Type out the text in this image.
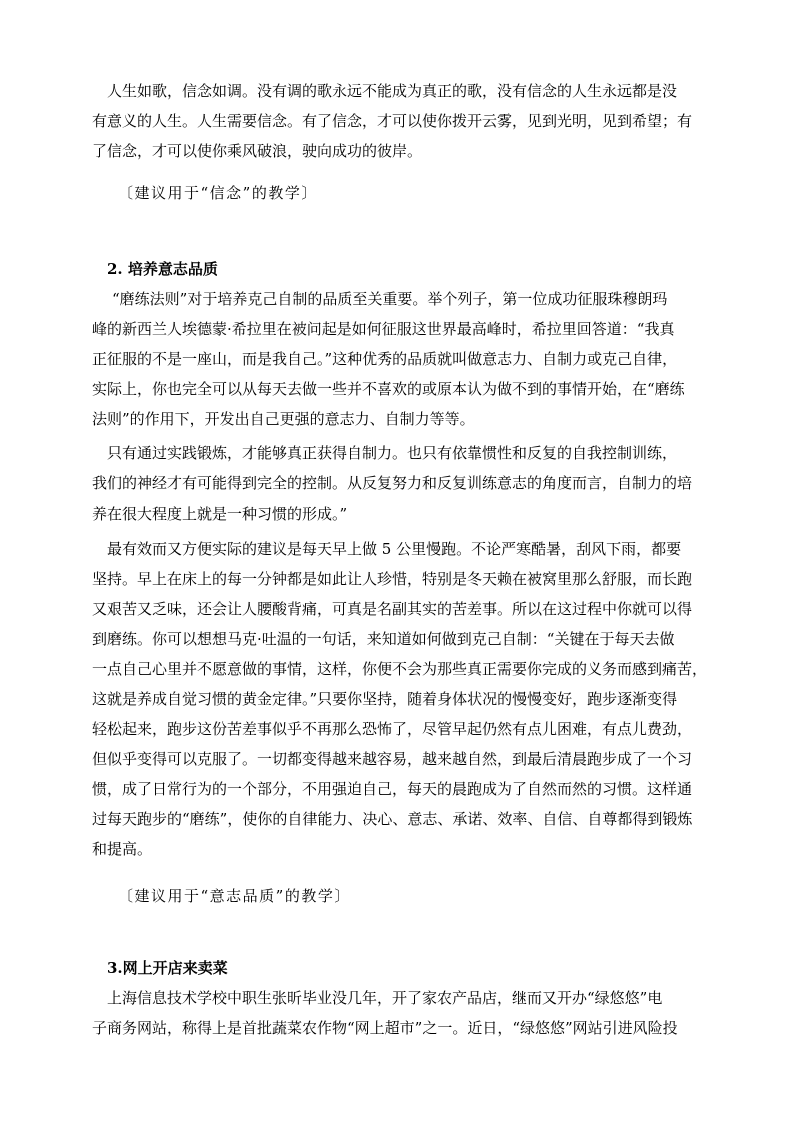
人生如歌，信念如调。没有调的歌永远不能成为真正的歌，没有信念的人生永远都是没
有意义的人生。人生需要信念。有了信念，才可以使你拨开云雾，见到光明，见到希望；有
了信念，才可以使你乘风破浪，驶向成功的彼岸。
〔建议用于“信念”的教学〕
2. 培养意志品质
“磨练法则”对于培养克己自制的品质至关重要。举个列子，第一位成功征服珠穆朗玛
峰的新西兰人埃德蒙·希拉里在被问起是如何征服这世界最高峰时，希拉里回答道：“我真
正征服的不是一座山，而是我自己。”这种优秀的品质就叫做意志力、自制力或克己自律，
实际上，你也完全可以从每天去做一些并不喜欢的或原本认为做不到的事情开始，在“磨练
法则”的作用下，开发出自己更强的意志力、自制力等等。
只有通过实践锻炼，才能够真正获得自制力。也只有依靠惯性和反复的自我控制训练，
我们的神经才有可能得到完全的控制。从反复努力和反复训练意志的角度而言，自制力的培
养在很大程度上就是一种习惯的形成。”
最有效而又方便实际的建议是每天早上做 5 公里慢跑。不论严寒酷暑，刮风下雨，都要
坚持。早上在床上的每一分钟都是如此让人珍惜，特别是冬天赖在被窝里那么舒服，而长跑
又艰苦又乏味，还会让人腰酸背痛，可真是名副其实的苦差事。所以在这过程中你就可以得
到磨练。你可以想想马克·吐温的一句话，来知道如何做到克己自制：“关键在于每天去做
一点自己心里并不愿意做的事情，这样，你便不会为那些真正需要你完成的义务而感到痛苦，
这就是养成自觉习惯的黄金定律。”只要你坚持，随着身体状况的慢慢变好，跑步逐渐变得
轻松起来，跑步这份苦差事似乎不再那么恐怖了，尽管早起仍然有点儿困难，有点儿费劲，
但似乎变得可以克服了。一切都变得越来越容易，越来越自然，到最后清晨跑步成了一个习
惯，成了日常行为的一个部分，不用强迫自己，每天的晨跑成为了自然而然的习惯。这样通
过每天跑步的“磨练”，使你的自律能力、决心、意志、承诺、效率、自信、自尊都得到锻炼
和提高。
〔建议用于“意志品质”的教学〕
3.网上开店来卖菜
上海信息技术学校中职生张昕毕业没几年，开了家农产品店，继而又开办“绿悠悠”电
子商务网站，称得上是首批蔬菜农作物“网上超市”之一。近日，“绿悠悠”网站引进风险投
